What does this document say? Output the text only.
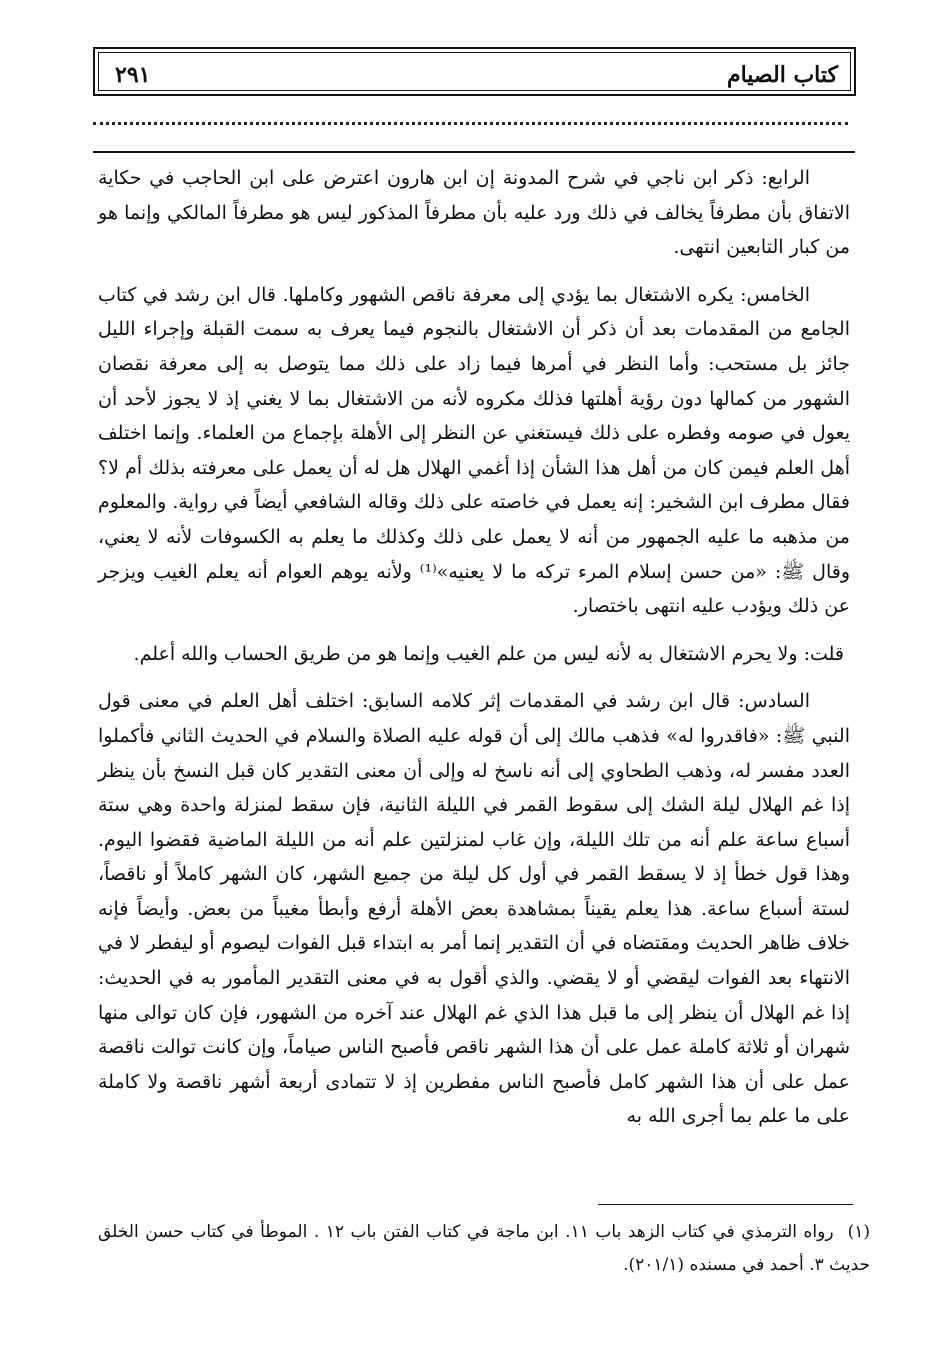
كتاب الصيام
٢٩١

الرابع: ذكر ابن ناجي في شرح المدونة إن ابن هارون اعترض على ابن الحاجب في حكاية الاتفاق بأن مطرفاً يخالف في ذلك ورد عليه بأن مطرفاً المذكور ليس هو مطرفاً المالكي وإنما هو من كبار التابعين انتهى.

الخامس: يكره الاشتغال بما يؤدي إلى معرفة ناقص الشهور وكاملها. قال ابن رشد في كتاب الجامع من المقدمات بعد أن ذكر أن الاشتغال بالنجوم فيما يعرف به سمت القبلة وإجراء الليل جائز بل مستحب: وأما النظر في أمرها فيما زاد على ذلك مما يتوصل به إلى معرفة نقصان الشهور من كمالها دون رؤية أهلتها فذلك مكروه لأنه من الاشتغال بما لا يغني إذ لا يجوز لأحد أن يعول في صومه وفطره على ذلك فيستغني عن النظر إلى الأهلة بإجماع من العلماء. وإنما اختلف أهل العلم فيمن كان من أهل هذا الشأن إذا أغمي الهلال هل له أن يعمل على معرفته بذلك أم لا؟ فقال مطرف ابن الشخير: إنه يعمل في خاصته على ذلك وقاله الشافعي أيضاً في رواية. والمعلوم من مذهبه ما عليه الجمهور من أنه لا يعمل على ذلك وكذلك ما يعلم به الكسوفات لأنه لا يعني، وقال ﷺ: «من حسن إسلام المرء تركه ما لا يعنيه»⁽¹⁾ ولأنه يوهم العوام أنه يعلم الغيب ويزجر عن ذلك ويؤدب عليه انتهى باختصار.

قلت: ولا يحرم الاشتغال به لأنه ليس من علم الغيب وإنما هو من طريق الحساب والله أعلم.

السادس: قال ابن رشد في المقدمات إثر كلامه السابق: اختلف أهل العلم في معنى قول النبي ﷺ: «فاقدروا له» فذهب مالك إلى أن قوله عليه الصلاة والسلام في الحديث الثاني فأكملوا العدد مفسر له، وذهب الطحاوي إلى أنه ناسخ له وإلى أن معنى التقدير كان قبل النسخ بأن ينظر إذا غم الهلال ليلة الشك إلى سقوط القمر في الليلة الثانية، فإن سقط لمنزلة واحدة وهي ستة أسباع ساعة علم أنه من تلك الليلة، وإن غاب لمنزلتين علم أنه من الليلة الماضية فقضوا اليوم. وهذا قول خطأ إذ لا يسقط القمر في أول كل ليلة من جميع الشهر، كان الشهر كاملاً أو ناقصاً، لستة أسباع ساعة. هذا يعلم يقيناً بمشاهدة بعض الأهلة أرفع وأبطأ مغيباً من بعض. وأيضاً فإنه خلاف ظاهر الحديث ومقتضاه في أن التقدير إنما أمر به ابتداء قبل الفوات ليصوم أو ليفطر لا في الانتهاء بعد الفوات ليقضي أو لا يقضي. والذي أقول به في معنى التقدير المأمور به في الحديث: إذا غم الهلال أن ينظر إلى ما قبل هذا الذي غم الهلال عند آخره من الشهور، فإن كان توالى منها شهران أو ثلاثة كاملة عمل على أن هذا الشهر ناقص فأصبح الناس صياماً، وإن كانت توالت ناقصة عمل على أن هذا الشهر كامل فأصبح الناس مفطرين إذ لا تتمادى أربعة أشهر ناقصة ولا كاملة على ما علم بما أجرى الله به

(١)رواه الترمذي في كتاب الزهد باب ١١. ابن ماجة في كتاب الفتن باب ١٢ . الموطأ في كتاب حسن الخلق حديث ٣. أحمد في مسنده (٢٠١/١).
